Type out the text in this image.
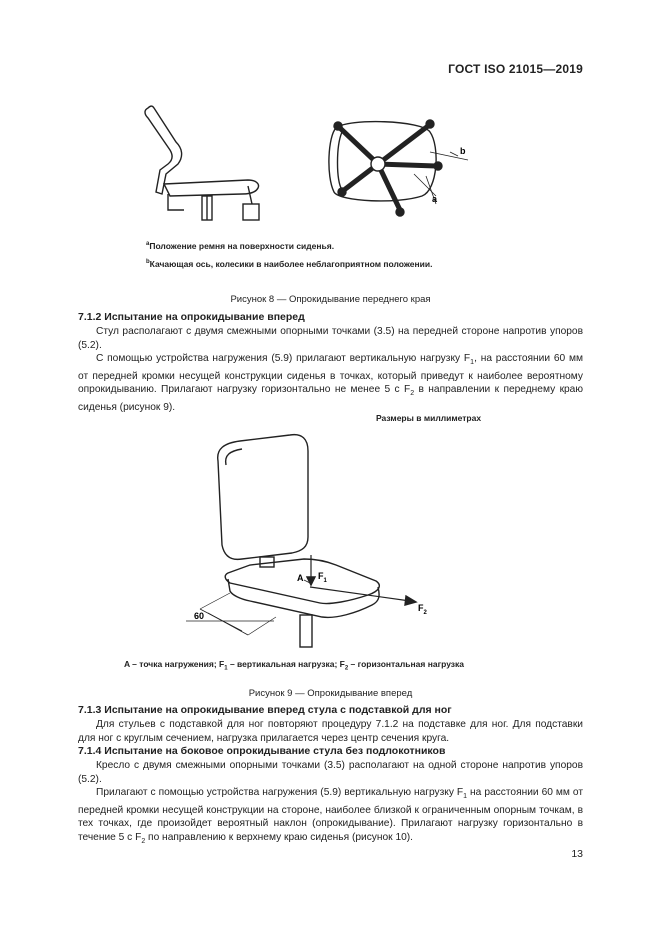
ГОСТ ISO 21015—2019
b
a
$^a$Положение ремня на поверхности сиденья.
$^b$Качающая ось, колесики в наиболее неблагоприятном положении.
Рисунок 8 — Опрокидывание переднего края
7.1.2 Испытание на опрокидывание вперед
Стул располагают с двумя смежными опорными точками (3.5) на передней стороне напротив упоров (5.2).
С помощью устройства нагружения (5.9) прилагают вертикальную нагрузку $F_1$, на расстоянии 60 мм от передней кромки несущей конструкции сиденья в точках, который приведут к наиболее вероятному опрокидыванию. Прилагают нагрузку горизонтально не менее 5 с $F_2$ в направлении к переднему краю сиденья (рисунок 9).
Размеры в миллиметрах
A $F_1$
$F_2$
60
A – точка нагружения; $F_1$ – вертикальная нагрузка; $F_2$ – горизонтальная нагрузка
Рисунок 9 — Опрокидывание вперед
7.1.3 Испытание на опрокидывание вперед стула с подставкой для ног
Для стульев с подставкой для ног повторяют процедуру 7.1.2 на подставке для ног. Для подставки для ног с круглым сечением, нагрузка прилагается через центр сечения круга.
7.1.4 Испытание на боковое опрокидывание стула без подлокотников
Кресло с двумя смежными опорными точками (3.5) располагают на одной стороне напротив упоров (5.2).
Прилагают с помощью устройства нагружения (5.9) вертикальную нагрузку $F_1$ на расстоянии 60 мм от передней кромки несущей конструкции на стороне, наиболее близкой к ограниченным опорным точкам, в тех точках, где произойдет вероятный наклон (опрокидывание). Прилагают нагрузку горизонтально в течение 5 с $F_2$ по направлению к верхнему краю сиденья (рисунок 10).
13
